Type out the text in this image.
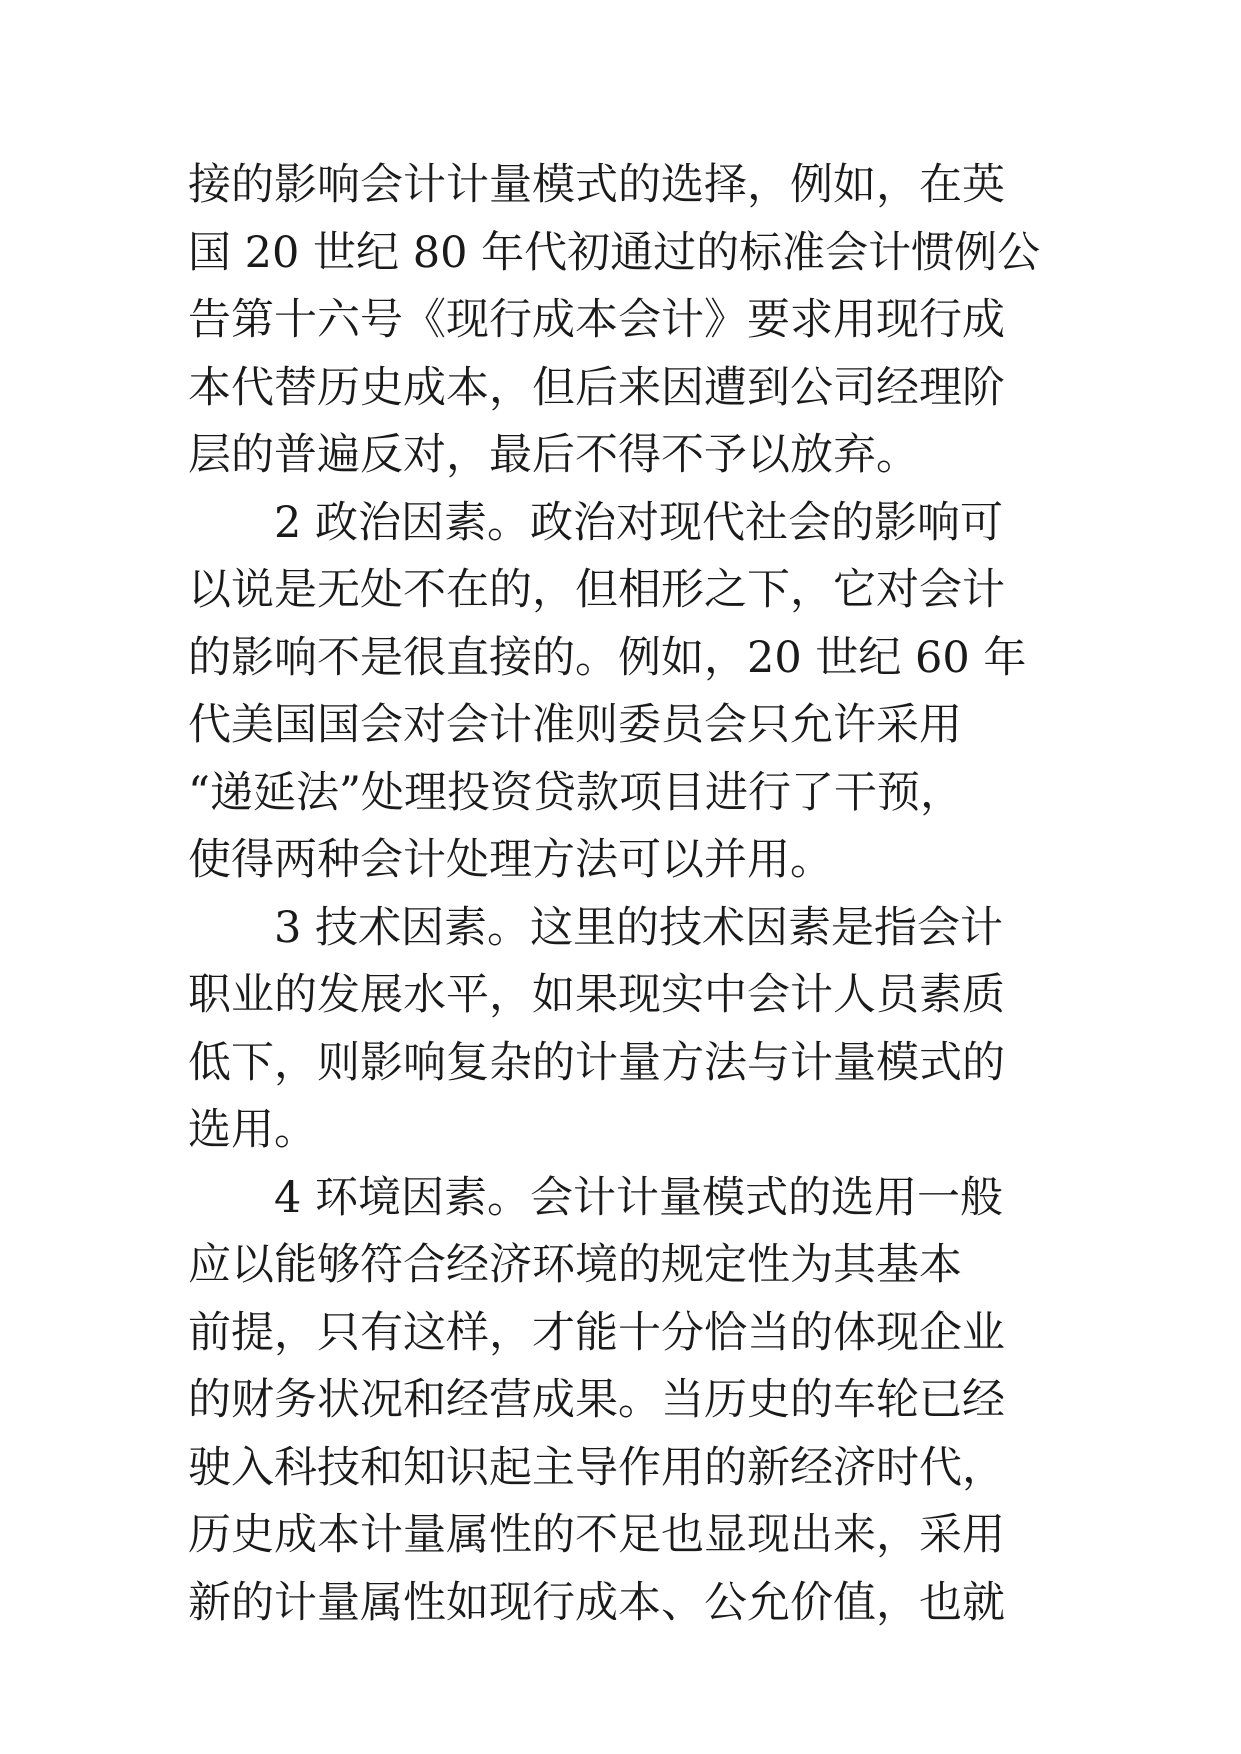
接的影响会计计量模式的选择，例如，在英
国 20 世纪 80 年代初通过的标准会计惯例公
告第十六号《现行成本会计》要求用现行成
本代替历史成本，但后来因遭到公司经理阶
层的普遍反对，最后不得不予以放弃。
2 政治因素。政治对现代社会的影响可
以说是无处不在的，但相形之下，它对会计
的影响不是很直接的。例如，20 世纪 60 年
代美国国会对会计准则委员会只允许采用
“递延法”处理投资贷款项目进行了干预，
使得两种会计处理方法可以并用。
3 技术因素。这里的技术因素是指会计
职业的发展水平，如果现实中会计人员素质
低下，则影响复杂的计量方法与计量模式的
选用。
4 环境因素。会计计量模式的选用一般
应以能够符合经济环境的规定性为其基本
前提，只有这样，才能十分恰当的体现企业
的财务状况和经营成果。当历史的车轮已经
驶入科技和知识起主导作用的新经济时代，
历史成本计量属性的不足也显现出来，采用
新的计量属性如现行成本、公允价值，也就
